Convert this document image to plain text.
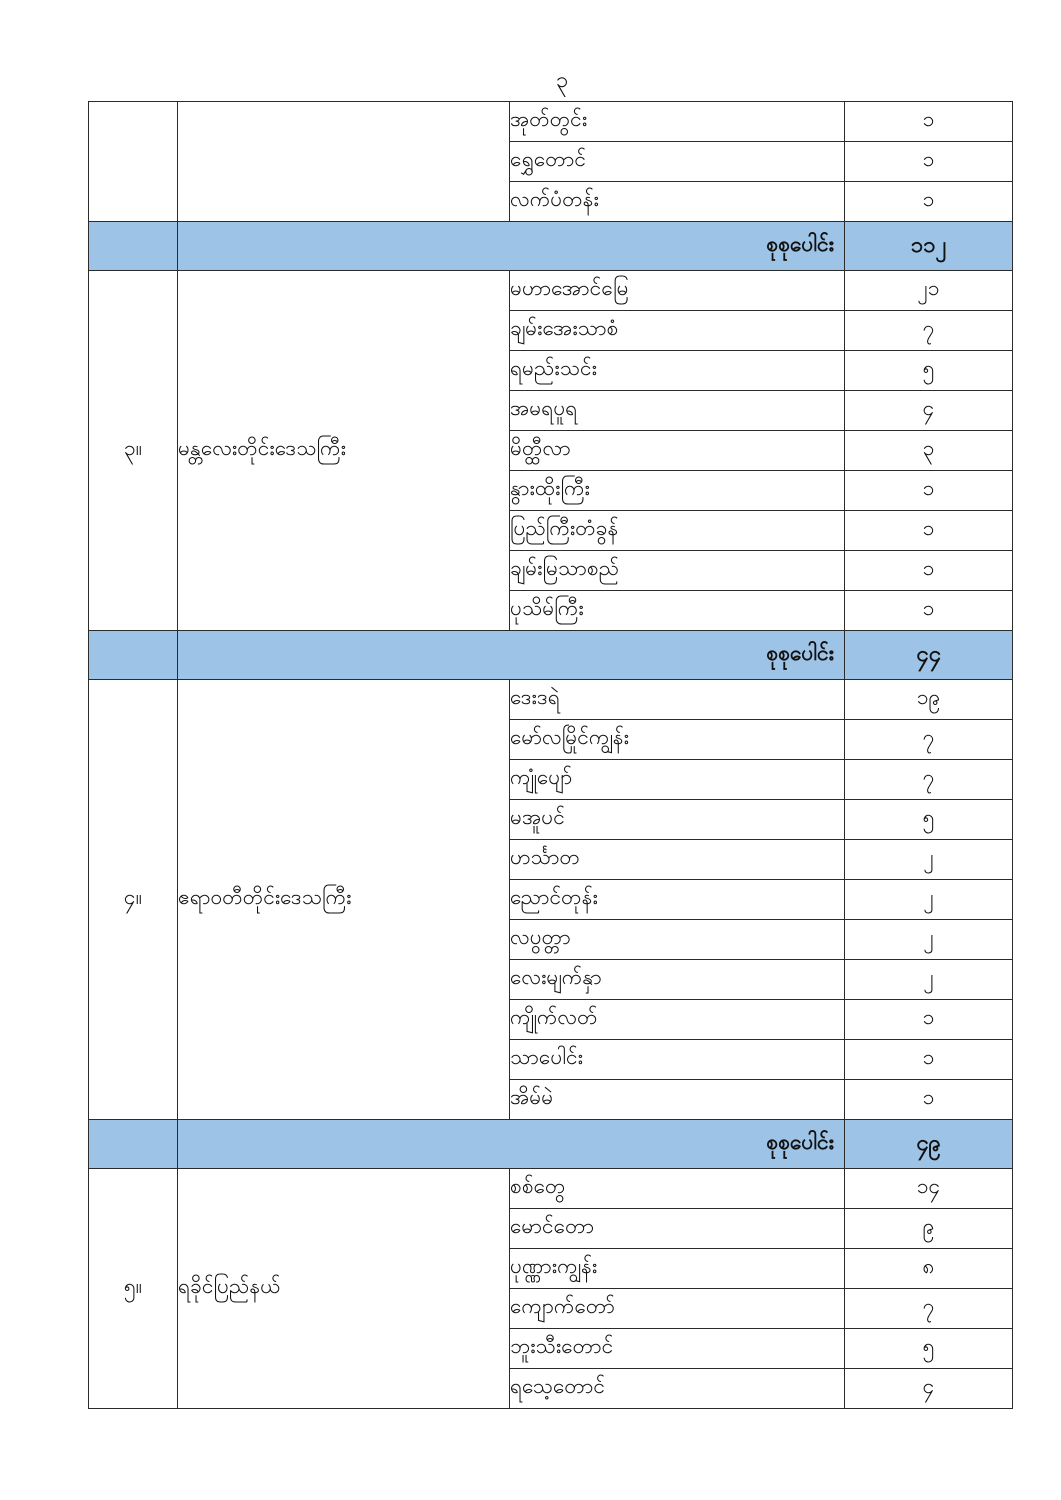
၃
		အုတ်တွင်း	၁
		ရွှေတောင်	၁
		လက်ပံတန်း	၁
	စုစုပေါင်း		၁၁၂
၃။	မန္တလေးတိုင်းဒေသကြီး	မဟာအောင်မြေ	၂၁
		ချမ်းအေးသာစံ	၇
		ရမည်းသင်း	၅
		အမရပူရ	၄
		မိတ္ထီလာ	၃
		နွားထိုးကြီး	၁
		ပြည်ကြီးတံခွန်	၁
		ချမ်းမြသာစည်	၁
		ပုသိမ်ကြီး	၁
	စုစုပေါင်း		၄၄
၄။	ဧရာဝတီတိုင်းဒေသကြီး	ဒေးဒရဲ	၁၉
		မော်လမြိုင်ကျွန်း	၇
		ကျုံပျော်	၇
		မအူပင်	၅
		ဟင်္သာတ	၂
		ညောင်တုန်း	၂
		လပွတ္တာ	၂
		လေးမျက်နှာ	၂
		ကျိုက်လတ်	၁
		သာပေါင်း	၁
		အိမ်မဲ	၁
	စုစုပေါင်း		၄၉
၅။	ရခိုင်ပြည်နယ်	စစ်တွေ	၁၄
		မောင်တော	၉
		ပုဏ္ဏားကျွန်း	၈
		ကျောက်တော်	၇
		ဘူးသီးတောင်	၅
		ရသေ့တောင်	၄
